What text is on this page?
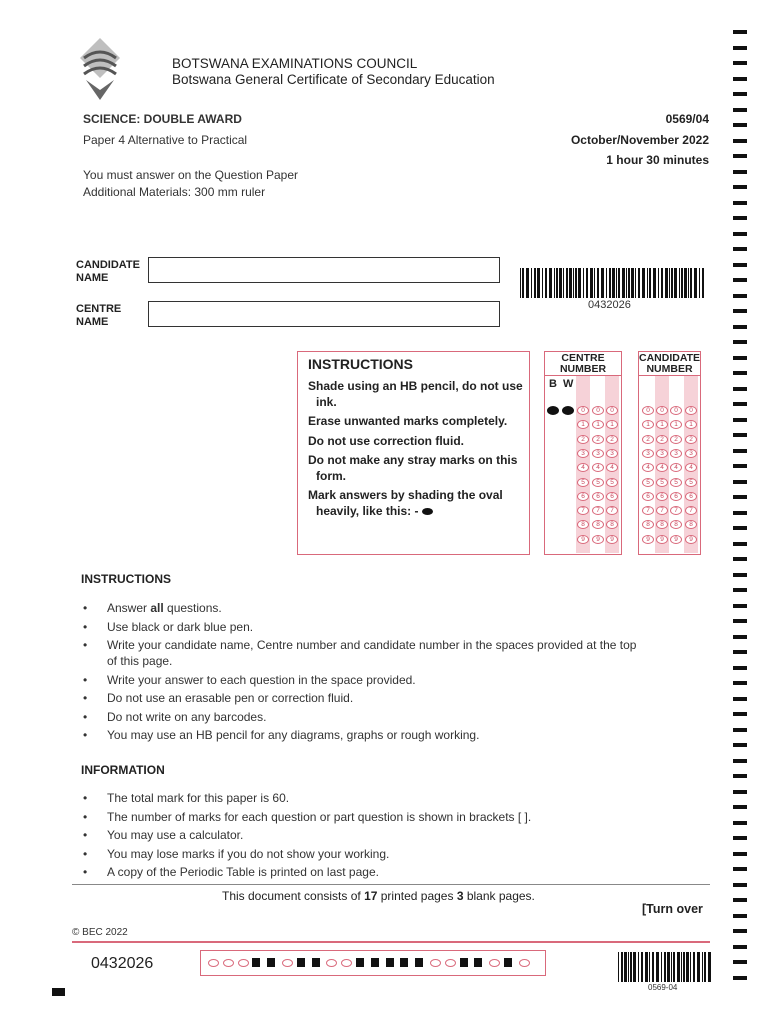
BOTSWANA EXAMINATIONS COUNCIL
Botswana General Certificate of Secondary Education
SCIENCE: DOUBLE AWARD
Paper 4 Alternative to Practical
You must answer on the Question Paper
Additional Materials: 300 mm ruler
0569/04
October/November 2022
1 hour 30 minutes
CANDIDATE
NAME
CENTRE
NAME
0432026
INSTRUCTIONS
Shade using an HB pencil, do not use ink.
Erase unwanted marks completely.
Do not use correction fluid.
Do not make any stray marks on this form.
Mark answers by shading the oval heavily, like this: -
CENTRE
NUMBER
B W
0	0	0
1	1	1
2	2	2
3	3	3
4	4	4
5	5	5
6	6	6
7	7	7
8	8	8
9	9	9
CANDIDATE
NUMBER
0	0	0	0
1	1	1	1
2	2	2	2
3	3	3	3
4	4	4	4
5	5	5	5
6	6	6	6
7	7	7	7
8	8	8	8
9	9	9	9
INSTRUCTIONS
• Answer all questions.
• Use black or dark blue pen.
• Write your candidate name, Centre number and candidate number in the spaces provided at the top of this page.
• Write your answer to each question in the space provided.
• Do not use an erasable pen or correction fluid.
• Do not write on any barcodes.
• You may use an HB pencil for any diagrams, graphs or rough working.
INFORMATION
• The total mark for this paper is 60.
• The number of marks for each question or part question is shown in brackets [ ].
• You may use a calculator.
• You may lose marks if you do not show your working.
• A copy of the Periodic Table is printed on last page.
This document consists of 17 printed pages 3 blank pages.
[Turn over
© BEC 2022
0432026
0569-04
